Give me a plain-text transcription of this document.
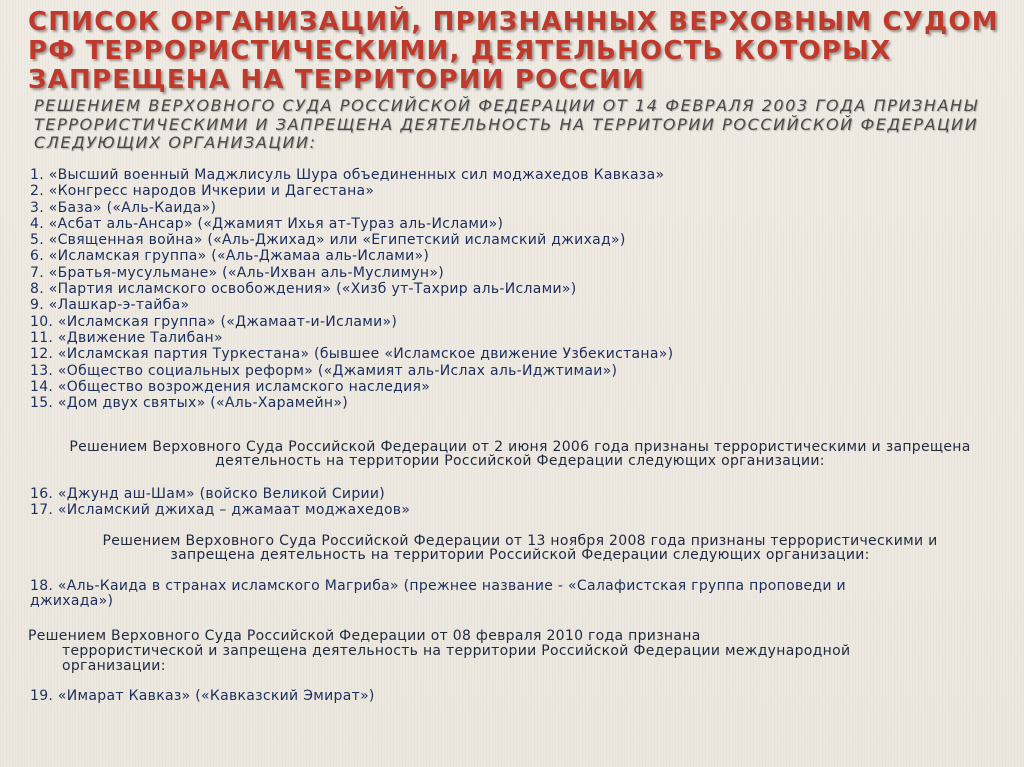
СПИСОК ОРГАНИЗАЦИЙ, ПРИЗНАННЫХ ВЕРХОВНЫМ СУДОМ РФ ТЕРРОРИСТИЧЕСКИМИ, ДЕЯТЕЛЬНОСТЬ КОТОРЫХ ЗАПРЕЩЕНА НА ТЕРРИТОРИИ РОССИИ
РЕШЕНИЕМ ВЕРХОВНОГО СУДА РОССИЙСКОЙ ФЕДЕРАЦИИ ОТ 14 ФЕВРАЛЯ 2003 ГОДА ПРИЗНАНЫ ТЕРРОРИСТИЧЕСКИМИ И ЗАПРЕЩЕНА ДЕЯТЕЛЬНОСТЬ НА ТЕРРИТОРИИ РОССИЙСКОЙ ФЕДЕРАЦИИ СЛЕДУЮЩИХ ОРГАНИЗАЦИИ:
1. «Высший военный Маджлисуль Шура объединенных сил моджахедов Кавказа»
2. «Конгресс народов Ичкерии и Дагестана»
3. «База» («Аль-Каида»)
4. «Асбат аль-Ансар» («Джамият Ихья ат-Тураз аль-Ислами»)
5. «Священная война» («Аль-Джихад» или «Египетский исламский джихад»)
6. «Исламская группа» («Аль-Джамаа аль-Ислами»)
7. «Братья-мусульмане» («Аль-Ихван аль-Муслимун»)
8. «Партия исламского освобождения» («Хизб ут-Тахрир аль-Ислами»)
9. «Лашкар-э-тайба»
10. «Исламская группа» («Джамаат-и-Ислами»)
11. «Движение Талибан»
12. «Исламская партия Туркестана» (бывшее «Исламское движение Узбекистана»)
13. «Общество социальных реформ» («Джамият аль-Ислах аль-Иджтимаи»)
14. «Общество возрождения исламского наследия»
15. «Дом двух святых» («Аль-Харамейн»)
Решением Верховного Суда Российской Федерации от 2 июня 2006 года признаны террористическими и запрещена деятельность на территории Российской Федерации следующих организации:
16. «Джунд аш-Шам» (войско Великой Сирии)
17. «Исламский джихад – джамаат моджахедов»
Решением Верховного Суда Российской Федерации от 13 ноября 2008 года признаны террористическими и запрещена деятельность на территории Российской Федерации следующих организации:
18. «Аль-Каида в странах исламского Магриба» (прежнее название - «Салафистская группа проповеди и джихада»)
Решением Верховного Суда Российской Федерации от 08 февраля 2010 года признана
террористической и запрещена деятельность на территории Российской Федерации международной организации:
19. «Имарат Кавказ» («Кавказский Эмират»)
